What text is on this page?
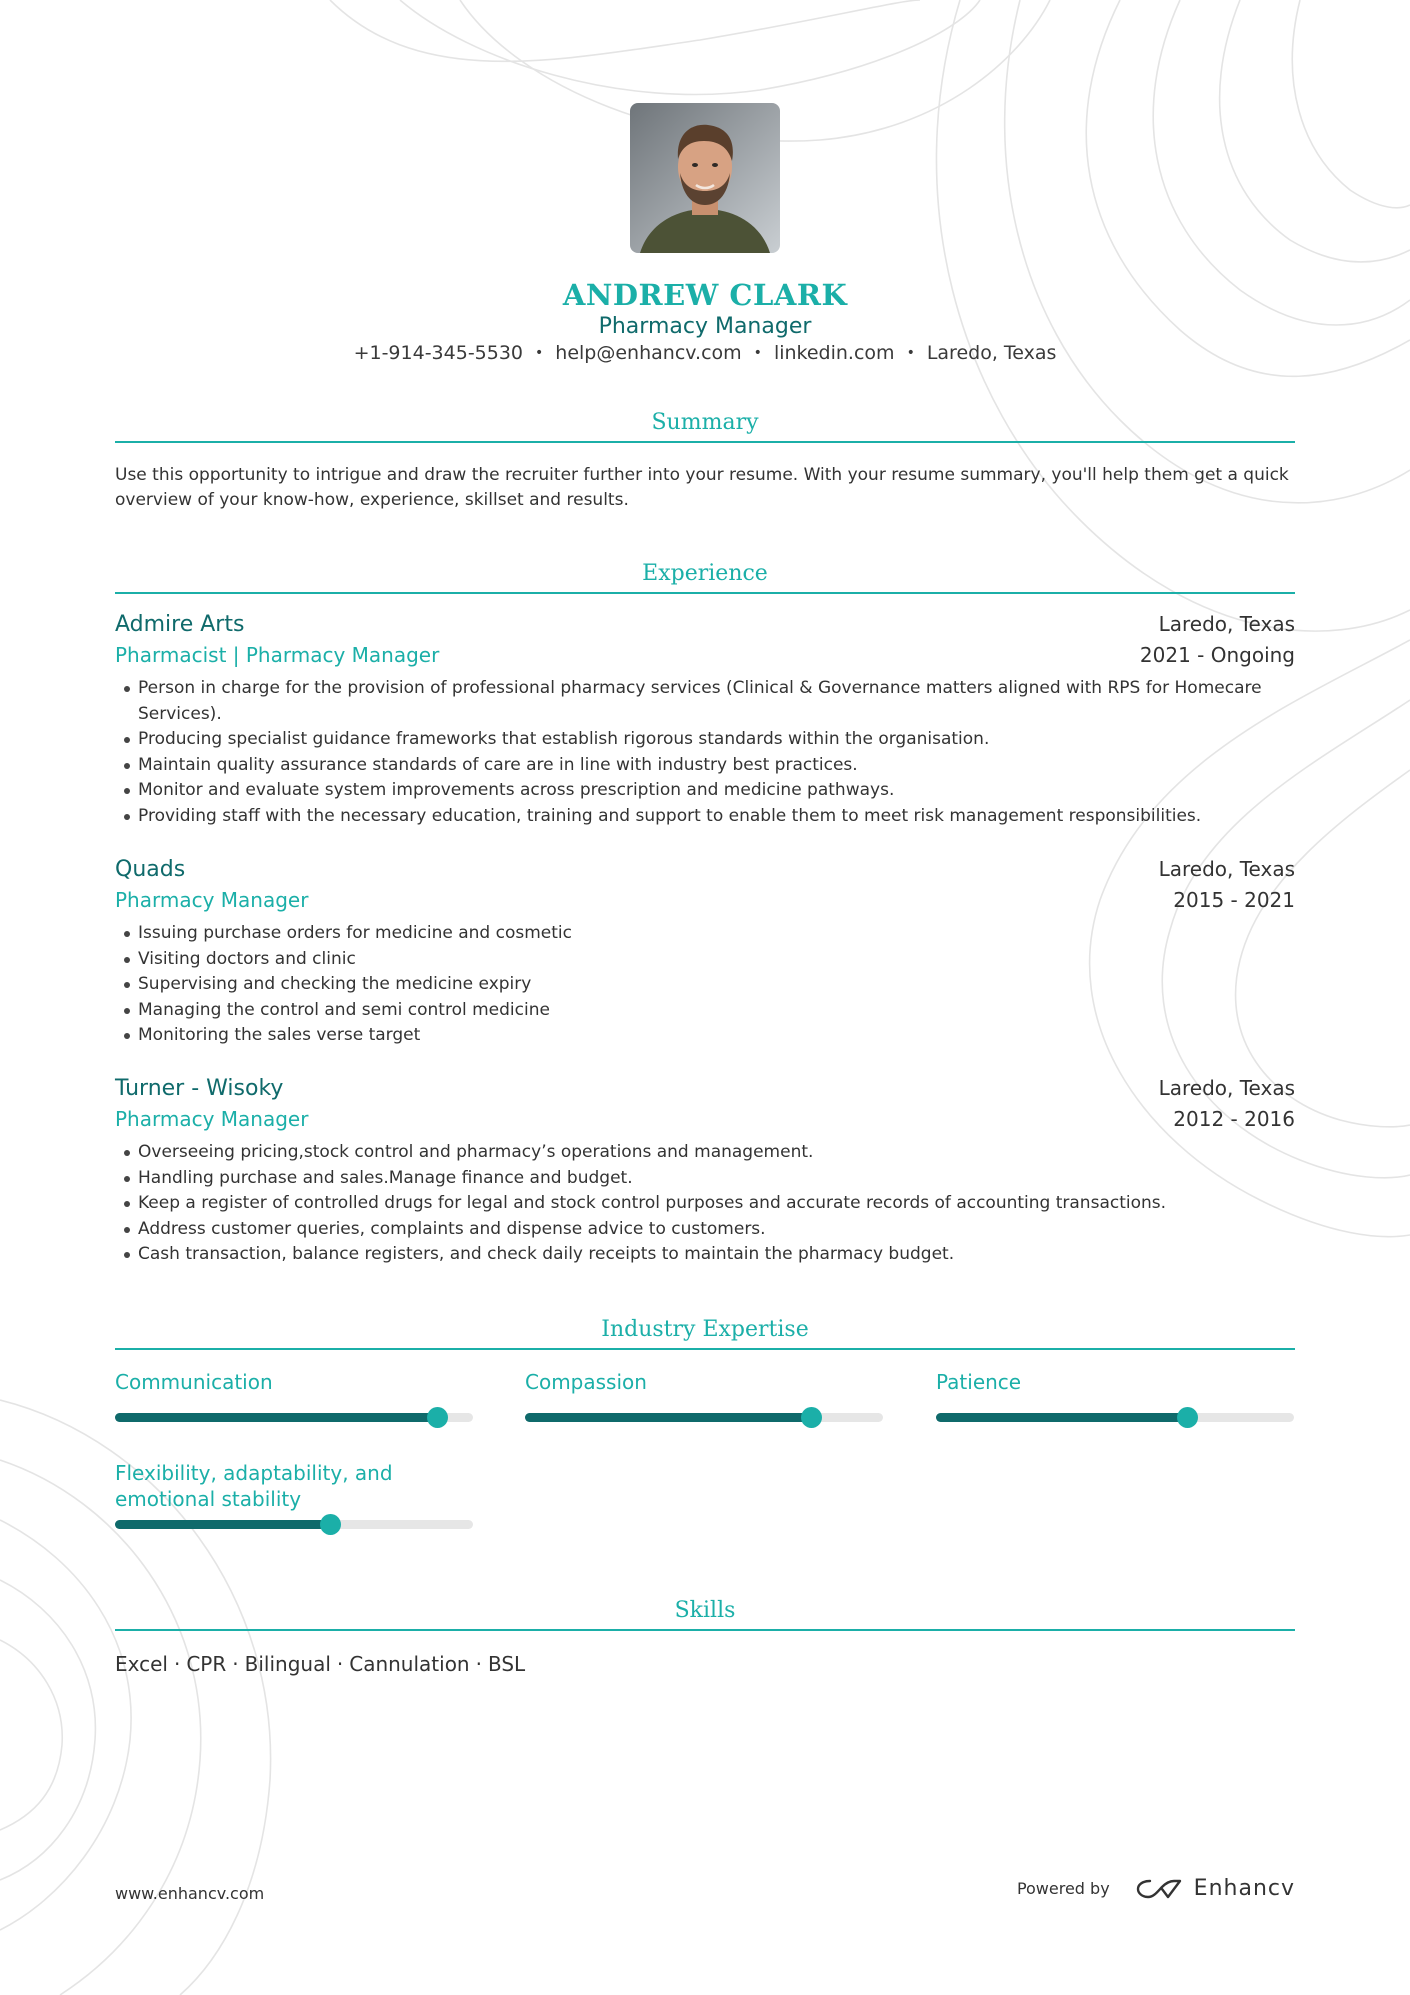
ANDREW CLARK
Pharmacy Manager
+1-914-345-5530 • help@enhancv.com • linkedin.com • Laredo, Texas
Summary
Use this opportunity to intrigue and draw the recruiter further into your resume. With your resume summary, you'll help them get a quick overview of your know-how, experience, skillset and results.
Experience
Admire Arts	Laredo, Texas
Pharmacist | Pharmacy Manager	2021 - Ongoing
Person in charge for the provision of professional pharmacy services (Clinical & Governance matters aligned with RPS for Homecare Services).
Producing specialist guidance frameworks that establish rigorous standards within the organisation.
Maintain quality assurance standards of care are in line with industry best practices.
Monitor and evaluate system improvements across prescription and medicine pathways.
Providing staff with the necessary education, training and support to enable them to meet risk management responsibilities.
Quads	Laredo, Texas
Pharmacy Manager	2015 - 2021
Issuing purchase orders for medicine and cosmetic
Visiting doctors and clinic
Supervising and checking the medicine expiry
Managing the control and semi control medicine
Monitoring the sales verse target
Turner - Wisoky	Laredo, Texas
Pharmacy Manager	2012 - 2016
Overseeing pricing,stock control and pharmacy’s operations and management.
Handling purchase and sales.Manage finance and budget.
Keep a register of controlled drugs for legal and stock control purposes and accurate records of accounting transactions.
Address customer queries, complaints and dispense advice to customers.
Cash transaction, balance registers, and check daily receipts to maintain the pharmacy budget.
Industry Expertise
Communication	Compassion	Patience
Flexibility, adaptability, and emotional stability
Skills
Excel · CPR · Bilingual · Cannulation · BSL
www.enhancv.com	Powered by	Enhancv
